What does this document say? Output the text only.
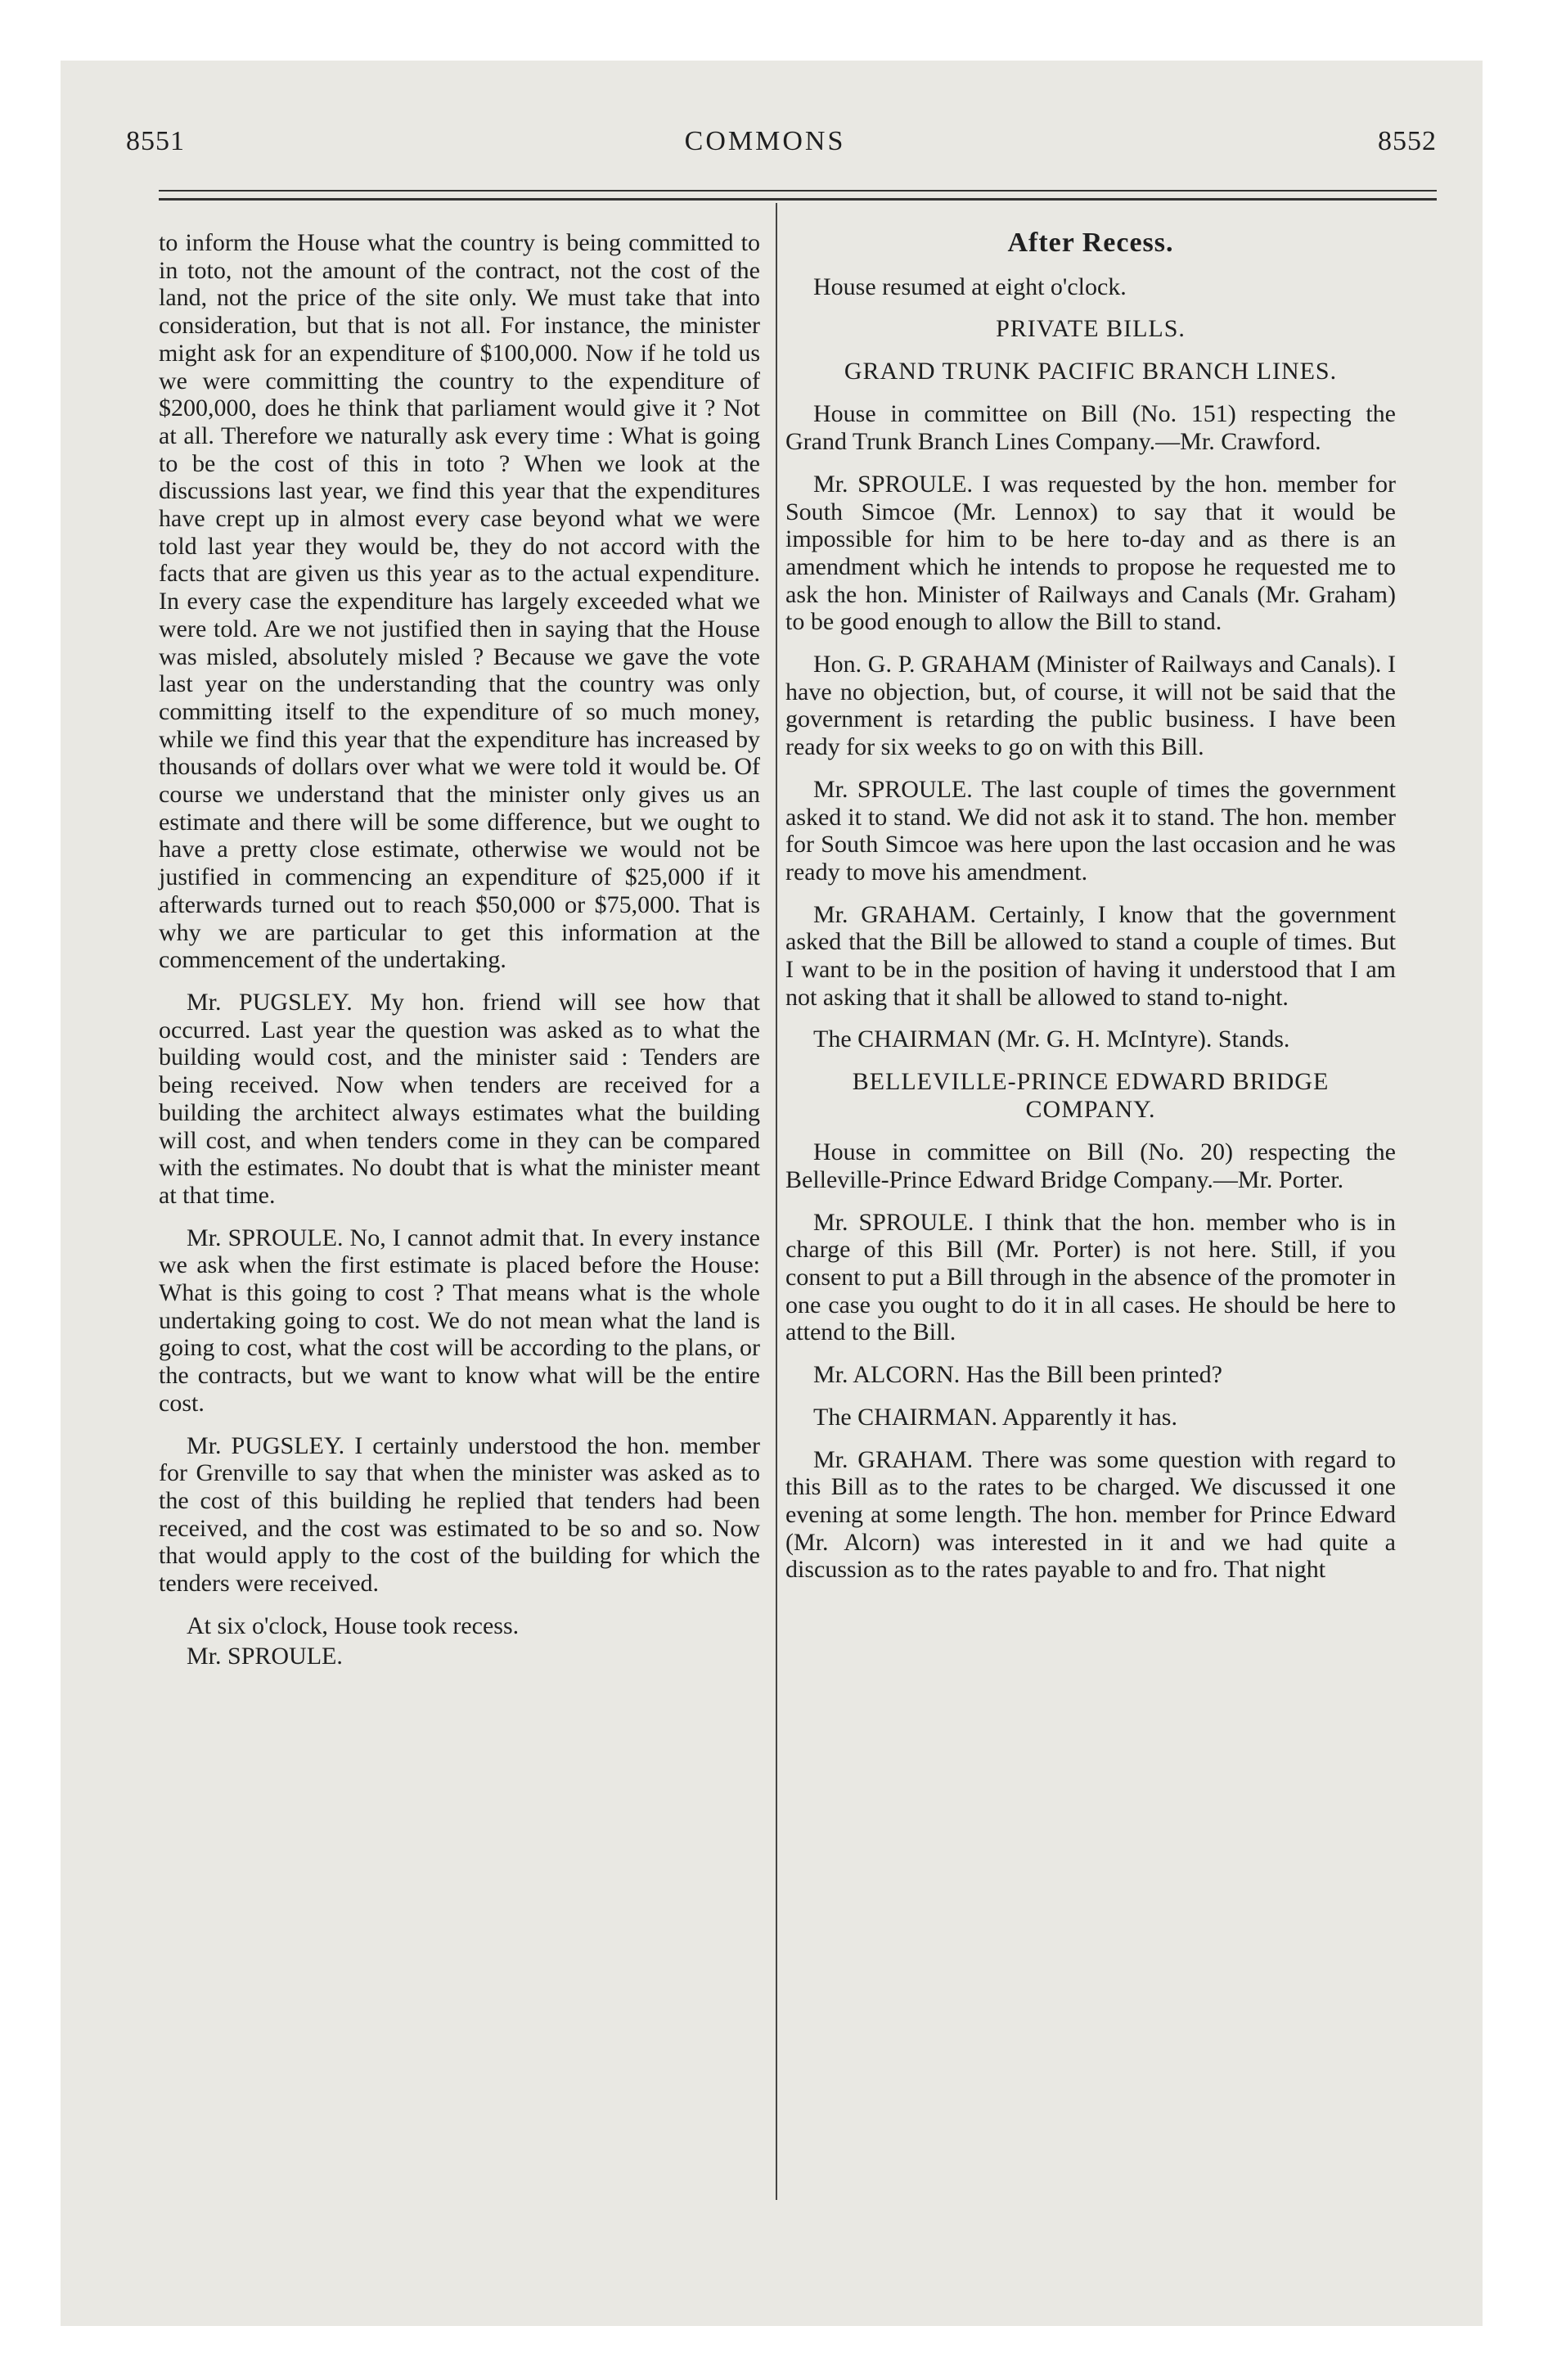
8551	COMMONS	8552

to inform the House what the country is being committed to in toto, not the amount of the contract, not the cost of the land, not the price of the site only. We must take that into consideration, but that is not all. For instance, the minister might ask for an expenditure of $100,000. Now if he told us we were committing the country to the expenditure of $200,000, does he think that parliament would give it ? Not at all. Therefore we naturally ask every time : What is going to be the cost of this in toto ? When we look at the discussions last year, we find this year that the expenditures have crept up in almost every case beyond what we were told last year they would be, they do not accord with the facts that are given us this year as to the actual expenditure. In every case the expenditure has largely exceeded what we were told. Are we not justified then in saying that the House was misled, absolutely misled ? Because we gave the vote last year on the understanding that the country was only committing itself to the expenditure of so much money, while we find this year that the expenditure has increased by thousands of dollars over what we were told it would be. Of course we understand that the minister only gives us an estimate and there will be some difference, but we ought to have a pretty close estimate, otherwise we would not be justified in commencing an expenditure of $25,000 if it afterwards turned out to reach $50,000 or $75,000. That is why we are particular to get this information at the commencement of the undertaking.

Mr. PUGSLEY. My hon. friend will see how that occurred. Last year the question was asked as to what the building would cost, and the minister said : Tenders are being received. Now when tenders are received for a building the architect always estimates what the building will cost, and when tenders come in they can be compared with the estimates. No doubt that is what the minister meant at that time.

Mr. SPROULE. No, I cannot admit that. In every instance we ask when the first estimate is placed before the House: What is this going to cost ? That means what is the whole undertaking going to cost. We do not mean what the land is going to cost, what the cost will be according to the plans, or the contracts, but we want to know what will be the entire cost.

Mr. PUGSLEY. I certainly understood the hon. member for Grenville to say that when the minister was asked as to the cost of this building he replied that tenders had been received, and the cost was estimated to be so and so. Now that would apply to the cost of the building for which the tenders were received.

At six o'clock, House took recess.

Mr. SPROULE.

After Recess.

House resumed at eight o'clock.

PRIVATE BILLS.
GRAND TRUNK PACIFIC BRANCH LINES.

House in committee on Bill (No. 151) respecting the Grand Trunk Branch Lines Company.—Mr. Crawford.

Mr. SPROULE. I was requested by the hon. member for South Simcoe (Mr. Lennox) to say that it would be impossible for him to be here to-day and as there is an amendment which he intends to propose he requested me to ask the hon. Minister of Railways and Canals (Mr. Graham) to be good enough to allow the Bill to stand.

Hon. G. P. GRAHAM (Minister of Railways and Canals). I have no objection, but, of course, it will not be said that the government is retarding the public business. I have been ready for six weeks to go on with this Bill.

Mr. SPROULE. The last couple of times the government asked it to stand. We did not ask it to stand. The hon. member for South Simcoe was here upon the last occasion and he was ready to move his amendment.

Mr. GRAHAM. Certainly, I know that the government asked that the Bill be allowed to stand a couple of times. But I want to be in the position of having it understood that I am not asking that it shall be allowed to stand to-night.

The CHAIRMAN (Mr. G. H. McIntyre). Stands.

BELLEVILLE-PRINCE EDWARD BRIDGE COMPANY.

House in committee on Bill (No. 20) respecting the Belleville-Prince Edward Bridge Company.—Mr. Porter.

Mr. SPROULE. I think that the hon. member who is in charge of this Bill (Mr. Porter) is not here. Still, if you consent to put a Bill through in the absence of the promoter in one case you ought to do it in all cases. He should be here to attend to the Bill.

Mr. ALCORN. Has the Bill been printed?

The CHAIRMAN. Apparently it has.

Mr. GRAHAM. There was some question with regard to this Bill as to the rates to be charged. We discussed it one evening at some length. The hon. member for Prince Edward (Mr. Alcorn) was interested in it and we had quite a discussion as to the rates payable to and fro. That night
